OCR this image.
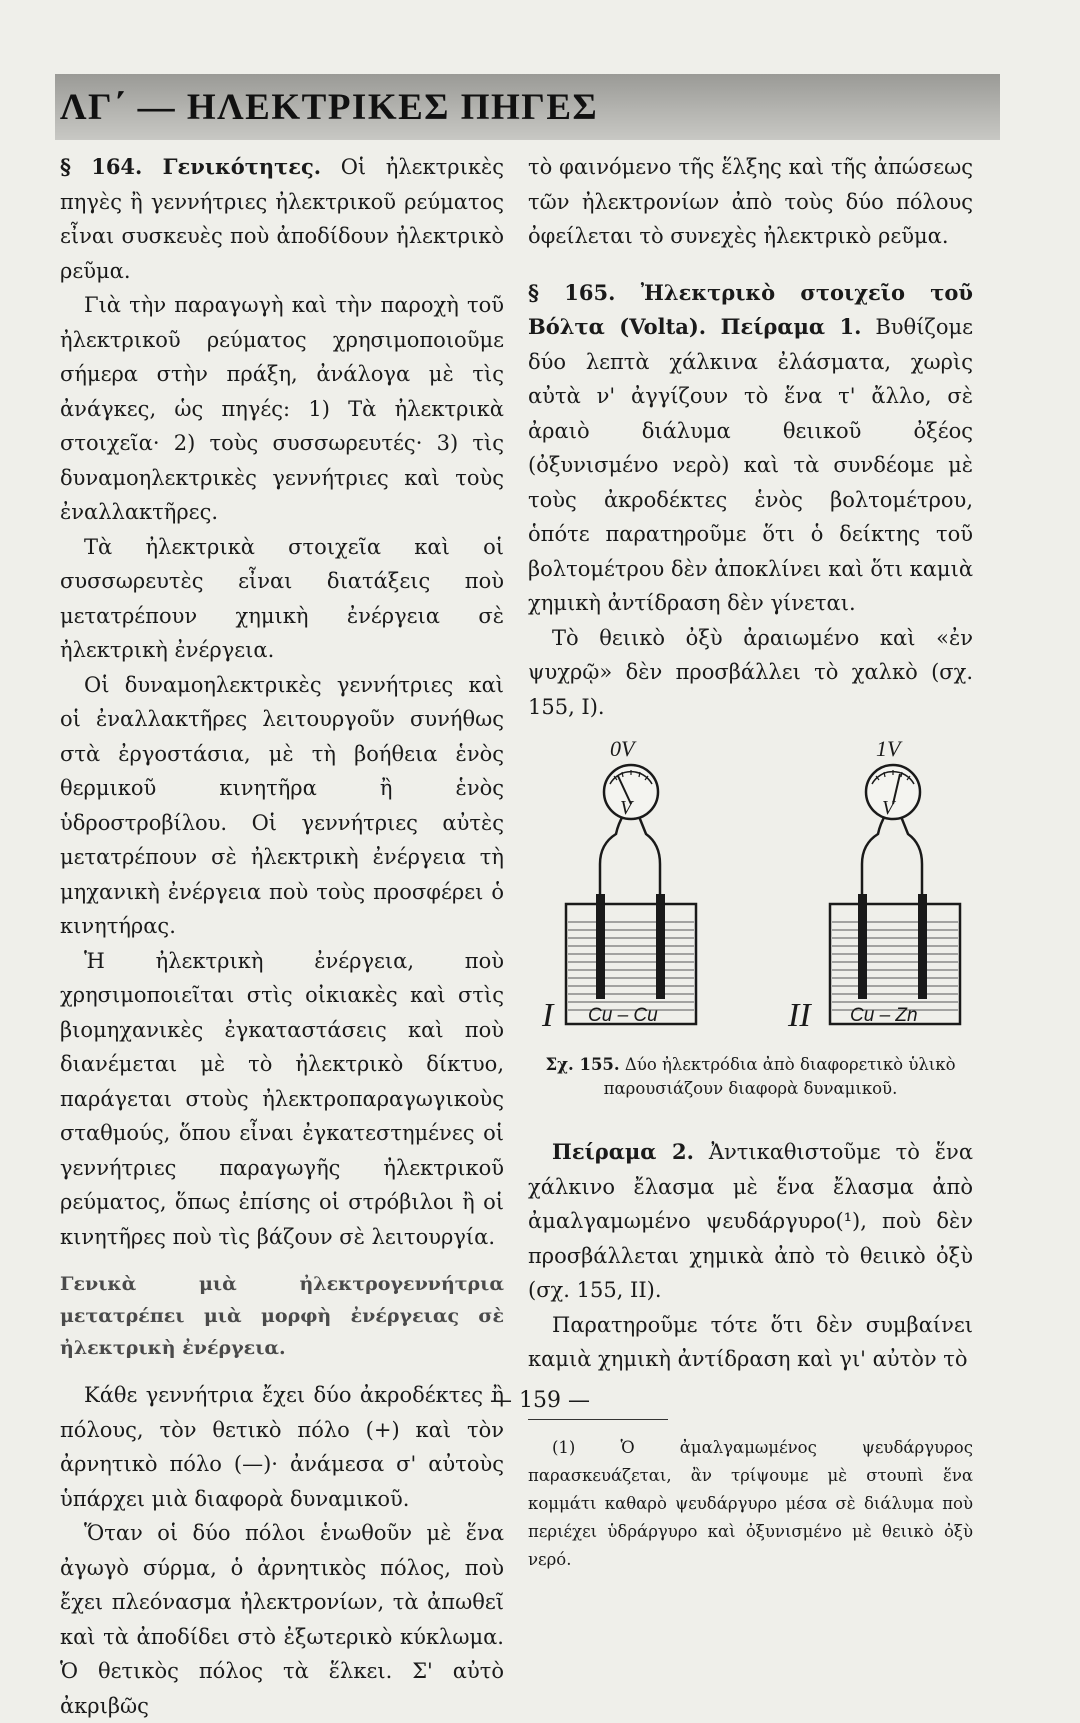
ΛΓ΄ — ΗΛΕΚΤΡΙΚΕΣ ΠΗΓΕΣ

§ 164. Γενικότητες. Οἱ ἠλεκτρικὲς πηγὲς ἢ γεννήτριες ἠλεκτρικοῦ ρεύματος εἶναι συσκευὲς ποὺ ἀποδίδουν ἠλεκτρικὸ ρεῦμα.

Γιὰ τὴν παραγωγὴ καὶ τὴν παροχὴ τοῦ ἠλεκτρικοῦ ρεύματος χρησιμοποιοῦμε σήμερα στὴν πράξη, ἀνάλογα μὲ τὶς ἀνάγκες, ὡς πηγές: 1) Τὰ ἠλεκτρικὰ στοιχεῖα· 2) τοὺς συσσωρευτές· 3) τὶς δυναμοηλεκτρικὲς γεννήτριες καὶ τοὺς ἐναλλακτῆρες.

Τὰ ἠλεκτρικὰ στοιχεῖα καὶ οἱ συσσωρευτὲς εἶναι διατάξεις ποὺ μετατρέπουν χημικὴ ἐνέργεια σὲ ἠλεκτρικὴ ἐνέργεια.

Οἱ δυναμοηλεκτρικὲς γεννήτριες καὶ οἱ ἐναλλακτῆρες λειτουργοῦν συνήθως στὰ ἐργοστάσια, μὲ τὴ βοήθεια ἑνὸς θερμικοῦ κινητῆρα ἢ ἑνὸς ὑδροστροβίλου. Οἱ γεννήτριες αὐτὲς μετατρέπουν σὲ ἠλεκτρικὴ ἐνέργεια τὴ μηχανικὴ ἐνέργεια ποὺ τοὺς προσφέρει ὁ κινητήρας.

Ἡ ἠλεκτρικὴ ἐνέργεια, ποὺ χρησιμοποιεῖται στὶς οἰκιακὲς καὶ στὶς βιομηχανικὲς ἐγκαταστάσεις καὶ ποὺ διανέμεται μὲ τὸ ἠλεκτρικὸ δίκτυο, παράγεται στοὺς ἠλεκτροπαραγωγικοὺς σταθμούς, ὅπου εἶναι ἐγκατεστημένες οἱ γεννήτριες παραγωγῆς ἠλεκτρικοῦ ρεύματος, ὅπως ἐπίσης οἱ στρόβιλοι ἢ οἱ κινητῆρες ποὺ τὶς βάζουν σὲ λειτουργία.

Γενικὰ μιὰ ἠλεκτρογεννήτρια μετατρέπει μιὰ μορφὴ ἐνέργειας σὲ ἠλεκτρικὴ ἐνέργεια.

Κάθε γεννήτρια ἔχει δύο ἀκροδέκτες ἢ πόλους, τὸν θετικὸ πόλο (+) καὶ τὸν ἀρνητικὸ πόλο (—)· ἀνάμεσα σ' αὐτοὺς ὑπάρχει μιὰ διαφορὰ δυναμικοῦ.

Ὅταν οἱ δύο πόλοι ἑνωθοῦν μὲ ἕνα ἀγωγὸ σύρμα, ὁ ἀρνητικὸς πόλος, ποὺ ἔχει πλεόνασμα ἠλεκτρονίων, τὰ ἀπωθεῖ καὶ τὰ ἀποδίδει στὸ ἐξωτερικὸ κύκλωμα. Ὁ θετικὸς πόλος τὰ ἕλκει. Σ' αὐτὸ ἀκριβῶς

τὸ φαινόμενο τῆς ἕλξης καὶ τῆς ἀπώσεως τῶν ἠλεκτρονίων ἀπὸ τοὺς δύο πόλους ὀφείλεται τὸ συνεχὲς ἠλεκτρικὸ ρεῦμα.

§ 165. Ἠλεκτρικὸ στοιχεῖο τοῦ Βόλτα (Volta). Πείραμα 1. Βυθίζομε δύο λεπτὰ χάλκινα ἐλάσματα, χωρὶς αὐτὰ ν' ἀγγίζουν τὸ ἕνα τ' ἄλλο, σὲ ἀραιὸ διάλυμα θειικοῦ ὀξέος (ὀξυνισμένο νερὸ) καὶ τὰ συνδέομε μὲ τοὺς ἀκροδέκτες ἑνὸς βολτομέτρου, ὁπότε παρατηροῦμε ὅτι ὁ δείκτης τοῦ βολτομέτρου δὲν ἀποκλίνει καὶ ὅτι καμιὰ χημικὴ ἀντίδραση δὲν γίνεται.

Τὸ θειικὸ ὀξὺ ἀραιωμένο καὶ «ἐν ψυχρῷ» δὲν προσβάλλει τὸ χαλκὸ (σχ. 155, Ι).

V
0V
I Cu – Cu
V
1V
II Cu – Zn

Σχ. 155. Δύο ἠλεκτρόδια ἀπὸ διαφορετικὸ ὑλικὸ παρουσιάζουν διαφορὰ δυναμικοῦ.

Πείραμα 2. Ἀντικαθιστοῦμε τὸ ἕνα χάλκινο ἔλασμα μὲ ἕνα ἔλασμα ἀπὸ ἀμαλγαμωμένο ψευδάργυρο(¹), ποὺ δὲν προσβάλλεται χημικὰ ἀπὸ τὸ θειικὸ ὀξὺ (σχ. 155, ΙΙ).

Παρατηροῦμε τότε ὅτι δὲν συμβαίνει καμιὰ χημικὴ ἀντίδραση καὶ γι' αὐτὸν τὸ

(1) Ὁ ἀμαλγαμωμένος ψευδάργυρος παρασκευάζεται, ἂν τρίψουμε μὲ στουπὶ ἕνα κομμάτι καθαρὸ ψευδάργυρο μέσα σὲ διάλυμα ποὺ περιέχει ὑδράργυρο καὶ ὀξυνισμένο μὲ θειικὸ ὀξὺ νερό.

— 159 —
